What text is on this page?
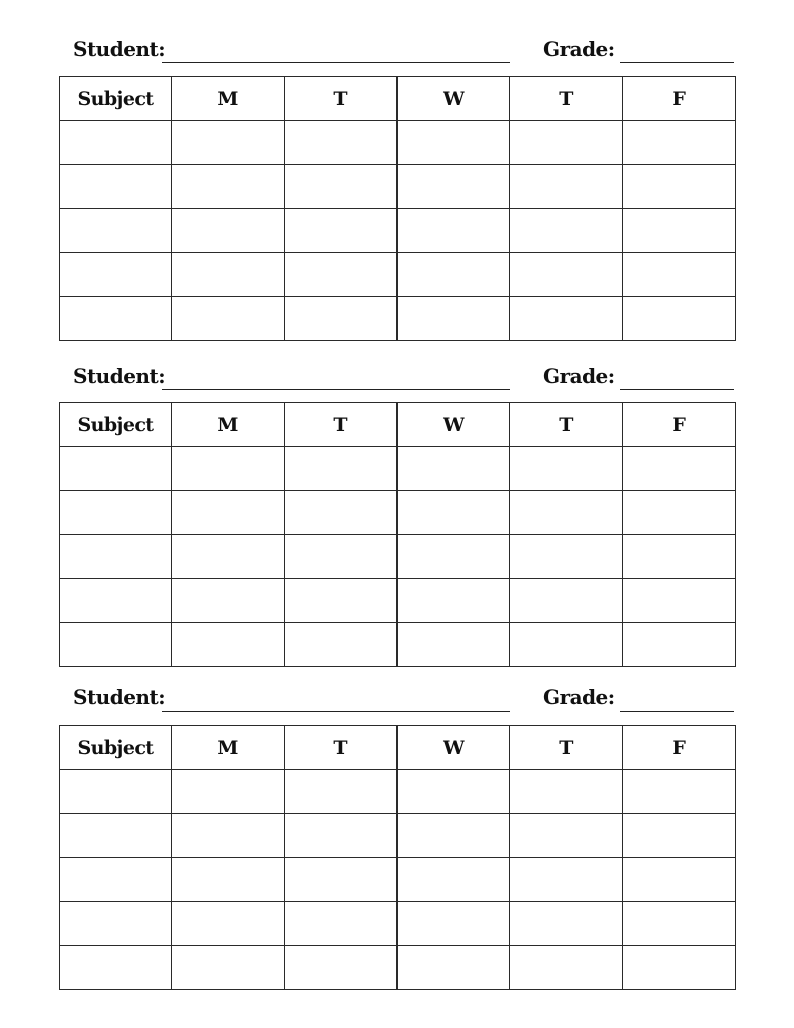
Student:	Grade:
Subject	M	T	W	T	F

Student:	Grade:
Subject	M	T	W	T	F

Student:	Grade:
Subject	M	T	W	T	F
